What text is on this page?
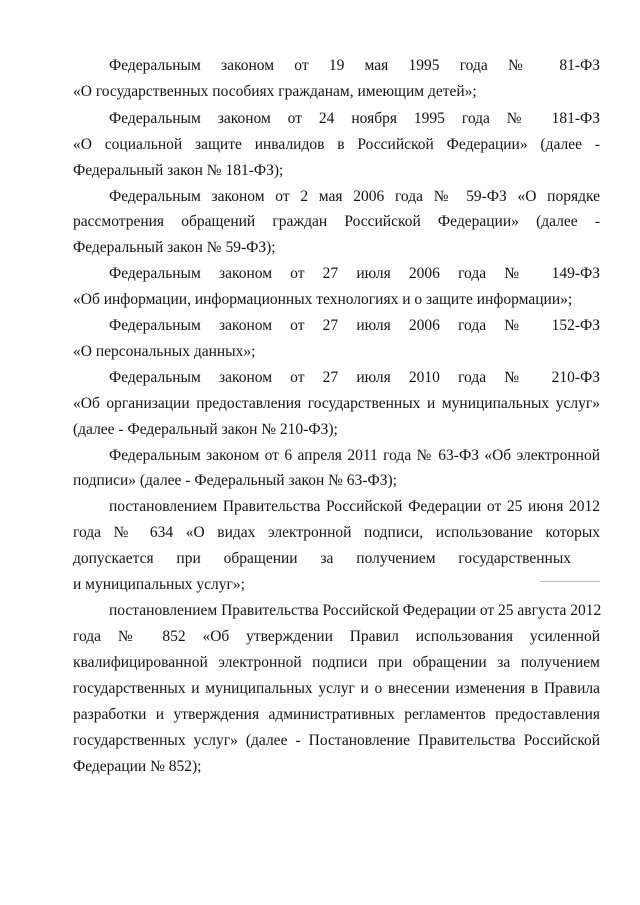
Федеральным законом от 19 мая 1995 года № 81-ФЗ
«О государственных пособиях гражданам, имеющим детей»;
Федеральным законом от 24 ноября 1995 года № 181-ФЗ
«О социальной защите инвалидов в Российской Федерации» (далее -
Федеральный закон № 181-ФЗ);
Федеральным законом от 2 мая 2006 года № 59-ФЗ «О порядке
рассмотрения обращений граждан Российской Федерации» (далее -
Федеральный закон № 59-ФЗ);
Федеральным законом от 27 июля 2006 года № 149-ФЗ
«Об информации, информационных технологиях и о защите информации»;
Федеральным законом от 27 июля 2006 года № 152-ФЗ
«О персональных данных»;
Федеральным законом от 27 июля 2010 года № 210-ФЗ
«Об организации предоставления государственных и муниципальных услуг»
(далее - Федеральный закон № 210-ФЗ);
Федеральным законом от 6 апреля 2011 года № 63-ФЗ «Об электронной
подписи» (далее - Федеральный закон № 63-ФЗ);
постановлением Правительства Российской Федерации от 25 июня 2012
года № 634 «О видах электронной подписи, использование которых
допускается при обращении за получением государственных
и муниципальных услуг»;
постановлением Правительства Российской Федерации от 25 августа 2012
года № 852 «Об утверждении Правил использования усиленной
квалифицированной электронной подписи при обращении за получением
государственных и муниципальных услуг и о внесении изменения в Правила
разработки и утверждения административных регламентов предоставления
государственных услуг» (далее - Постановление Правительства Российской
Федерации № 852);
